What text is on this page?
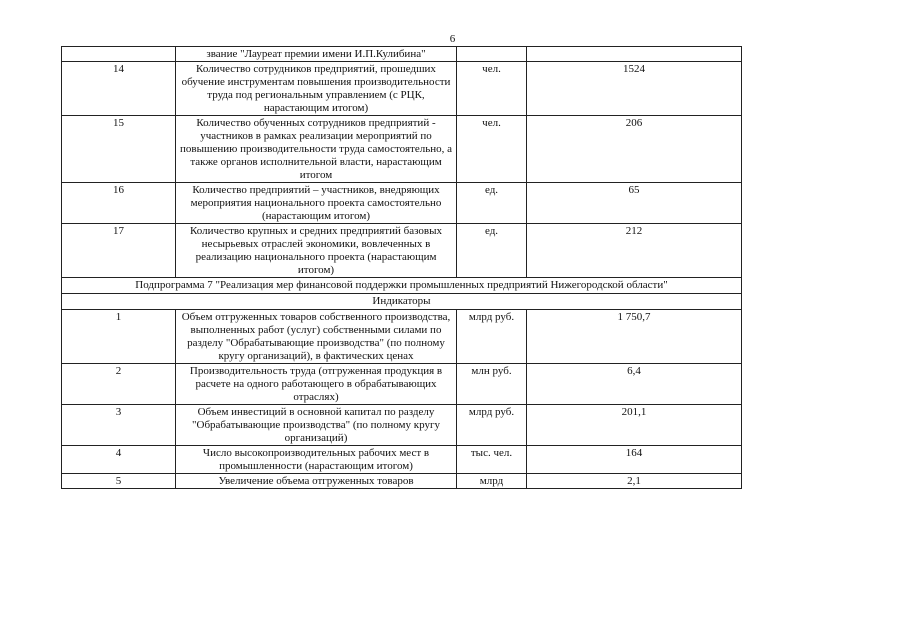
6
	звание "Лауреат премии имени И.П.Кулибина"		
14	Количество сотрудников предприятий, прошедших обучение инструментам повышения производительности труда под региональным управлением (с РЦК, нарастающим итогом)	чел.	1524
15	Количество обученных сотрудников предприятий - участников в рамках реализации мероприятий по повышению производительности труда самостоятельно, а также органов исполнительной власти, нарастающим итогом	чел.	206
16	Количество предприятий – участников, внедряющих мероприятия национального проекта самостоятельно (нарастающим итогом)	ед.	65
17	Количество крупных и средних предприятий базовых несырьевых отраслей экономики, вовлеченных в реализацию национального проекта (нарастающим итогом)	ед.	212
Подпрограмма 7 "Реализация мер финансовой поддержки промышленных предприятий Нижегородской области"			
Индикаторы			
1	Объем отгруженных товаров собственного производства, выполненных работ (услуг) собственными силами по разделу "Обрабатывающие производства" (по полному кругу организаций), в фактических ценах	млрд руб.	1 750,7
2	Производительность труда (отгруженная продукция в расчете на одного работающего в обрабатывающих отраслях)	млн руб.	6,4
3	Объем инвестиций в основной капитал по разделу "Обрабатывающие производства" (по полному кругу организаций)	млрд руб.	201,1
4	Число высокопроизводительных рабочих мест в промышленности (нарастающим итогом)	тыс. чел.	164
5	Увеличение объема отгруженных товаров	млрд	2,1
